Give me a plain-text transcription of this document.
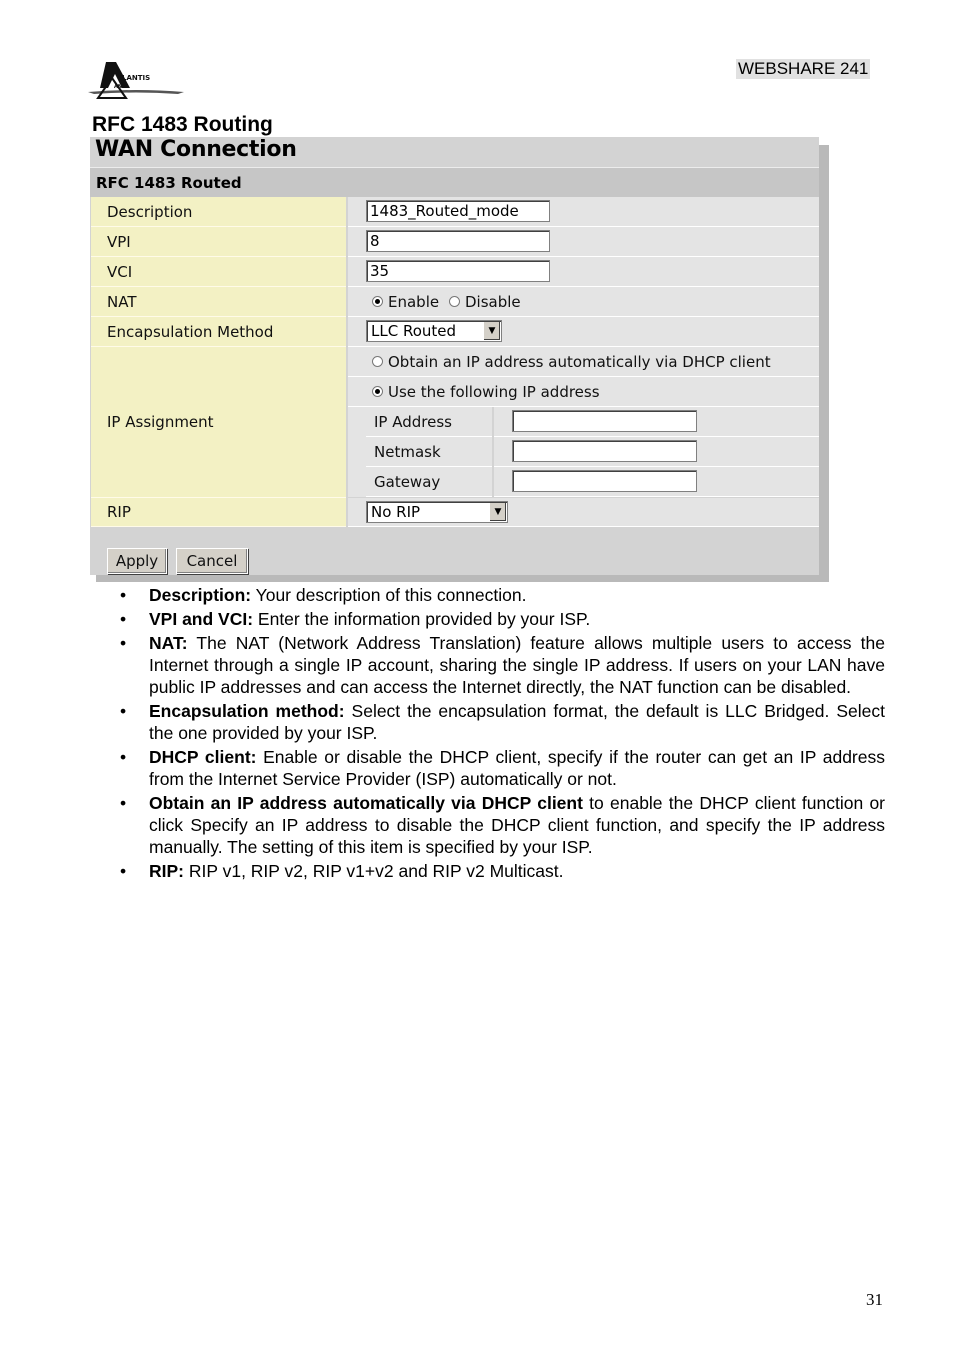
LANTIS
AND
WEBSHARE 241
RFC 1483 Routing
WAN Connection
RFC 1483 Routed
Description	1483_Routed_mode
VPI	8
VCI	35
NAT	Enable Disable
Encapsulation Method	LLC Routed	▼
IP Assignment
Obtain an IP address automatically via DHCP client
Use the following IP address
IP Address
Netmask
Gateway
RIP	No RIP	▼
Apply	Cancel
• Description: Your description of this connection.
• VPI and VCI: Enter the information provided by your ISP.
• NAT: The NAT (Network Address Translation) feature allows multiple users to access the Internet through a single IP account, sharing the single IP address. If users on your LAN have public IP addresses and can access the Internet directly, the NAT function can be disabled.
• Encapsulation method: Select the encapsulation format, the default is LLC Bridged. Select the one provided by your ISP.
• DHCP client: Enable or disable the DHCP client, specify if the router can get an IP address from the Internet Service Provider (ISP) automatically or not.
• Obtain an IP address automatically via DHCP client to enable the DHCP client function or click Specify an IP address to disable the DHCP client function, and specify the IP address manually. The setting of this item is specified by your ISP.
• RIP: RIP v1, RIP v2, RIP v1+v2 and RIP v2 Multicast.
31
